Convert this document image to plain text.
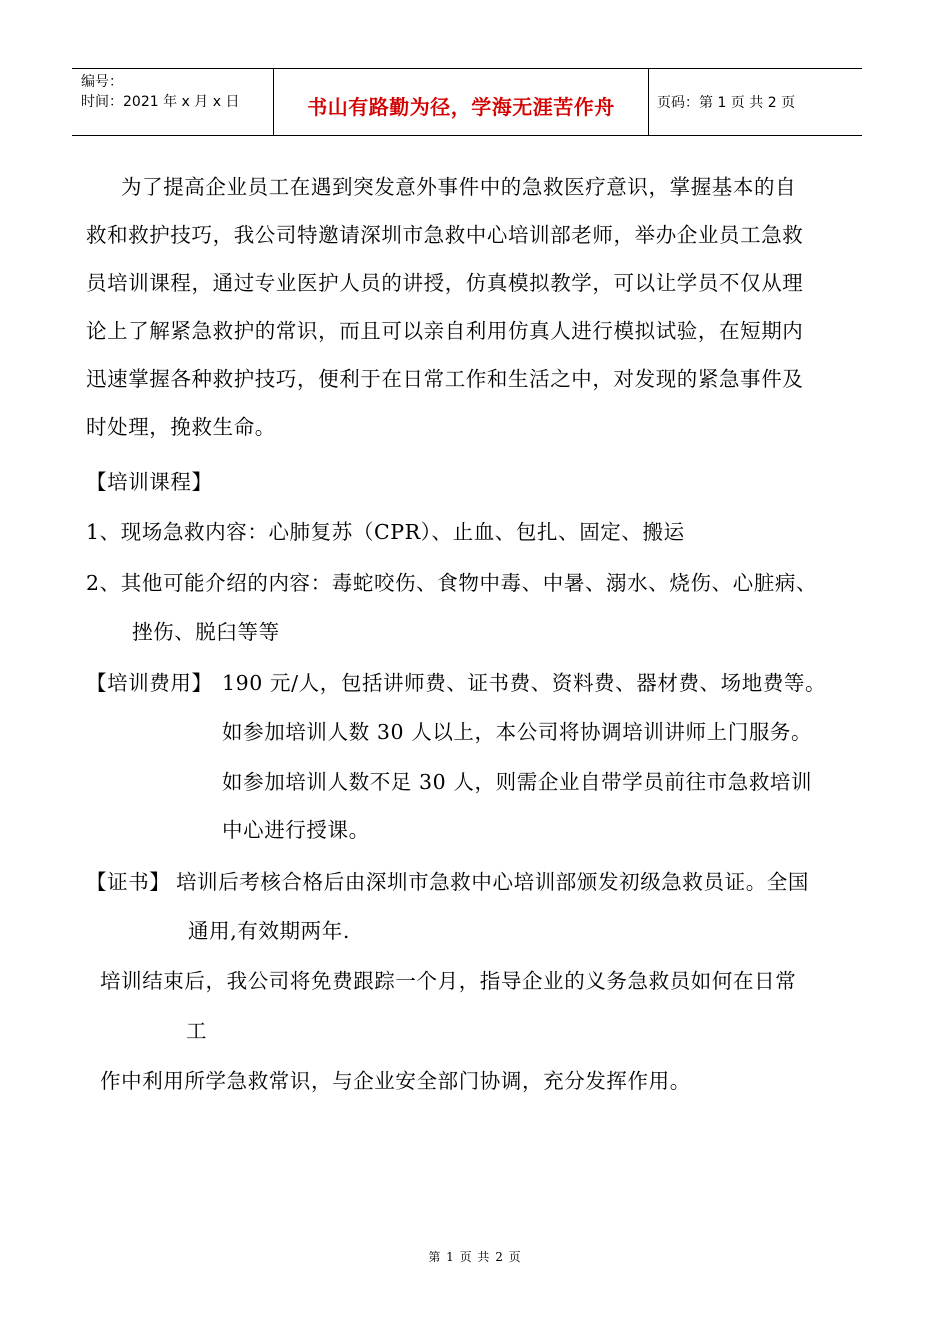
编号：
时间：2021 年 x 月 x 日	书山有路勤为径，学海无涯苦作舟	页码：第 1 页 共 2 页
为了提高企业员工在遇到突发意外事件中的急救医疗意识，掌握基本的自
救和救护技巧，我公司特邀请深圳市急救中心培训部老师，举办企业员工急救
员培训课程，通过专业医护人员的讲授，仿真模拟教学，可以让学员不仅从理
论上了解紧急救护的常识，而且可以亲自利用仿真人进行模拟试验，在短期内
迅速掌握各种救护技巧，便利于在日常工作和生活之中，对发现的紧急事件及
时处理，挽救生命。
【培训课程】
1、现场急救内容：心肺复苏（CPR）、止血、包扎、固定、搬运
2、其他可能介绍的内容：毒蛇咬伤、食物中毒、中暑、溺水、烧伤、心脏病、
挫伤、脱臼等等
【培训费用】 190 元/人，包括讲师费、证书费、资料费、器材费、场地费等。
如参加培训人数 30 人以上，本公司将协调培训讲师上门服务。
如参加培训人数不足 30 人，则需企业自带学员前往市急救培训
中心进行授课。
【证书】 培训后考核合格后由深圳市急救中心培训部颁发初级急救员证。全国
通用,有效期两年.
培训结束后，我公司将免费跟踪一个月，指导企业的义务急救员如何在日常
工
作中利用所学急救常识，与企业安全部门协调，充分发挥作用。
第 1 页 共 2 页
